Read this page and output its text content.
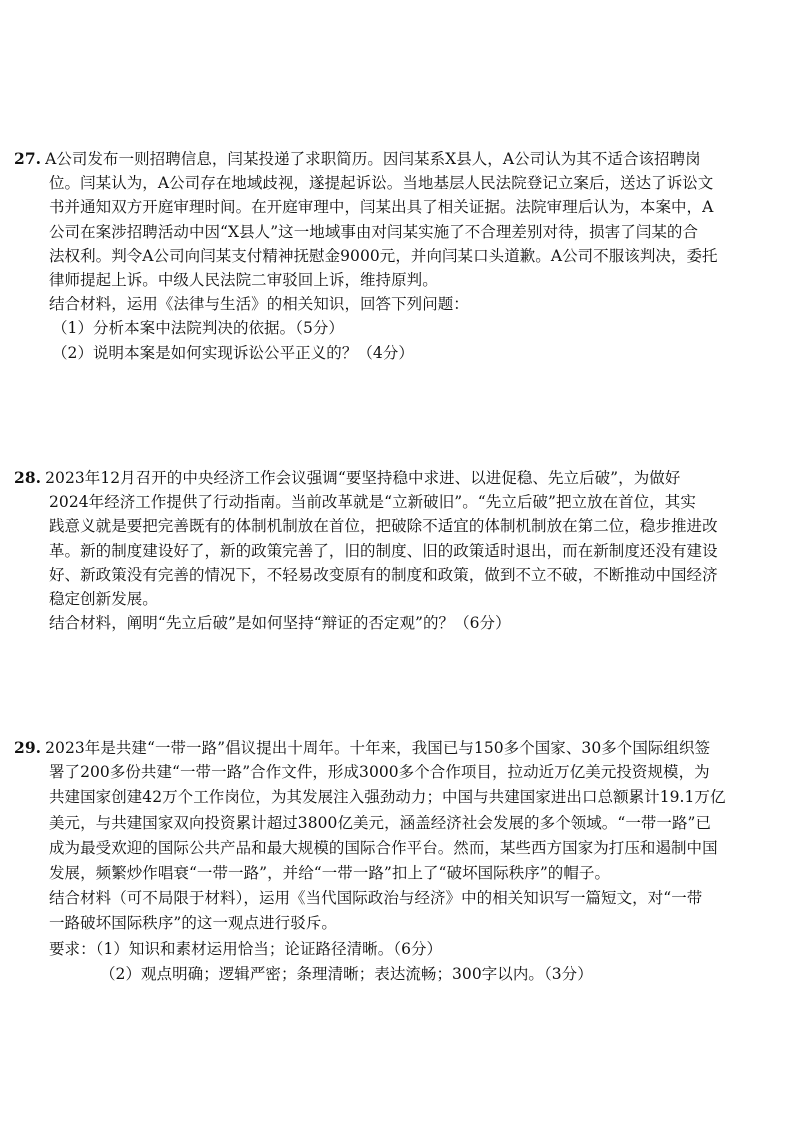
27. A公司发布一则招聘信息，闫某投递了求职简历。因闫某系X县人，A公司认为其不适合该招聘岗
位。闫某认为，A公司存在地域歧视，遂提起诉讼。当地基层人民法院登记立案后，送达了诉讼文
书并通知双方开庭审理时间。在开庭审理中，闫某出具了相关证据。法院审理后认为，本案中，A
公司在案涉招聘活动中因“X县人”这一地域事由对闫某实施了不合理差别对待，损害了闫某的合
法权利。判令A公司向闫某支付精神抚慰金9000元，并向闫某口头道歉。A公司不服该判决，委托
律师提起上诉。中级人民法院二审驳回上诉，维持原判。
结合材料，运用《法律与生活》的相关知识，回答下列问题：
（1）分析本案中法院判决的依据。（5分）
（2）说明本案是如何实现诉讼公平正义的？（4分）
28. 2023年12月召开的中央经济工作会议强调“要坚持稳中求进、以进促稳、先立后破”，为做好
2024年经济工作提供了行动指南。当前改革就是“立新破旧”。“先立后破”把立放在首位，其实
践意义就是要把完善既有的体制机制放在首位，把破除不适宜的体制机制放在第二位，稳步推进改
革。新的制度建设好了，新的政策完善了，旧的制度、旧的政策适时退出，而在新制度还没有建设
好、新政策没有完善的情况下，不轻易改变原有的制度和政策，做到不立不破，不断推动中国经济
稳定创新发展。
结合材料，阐明“先立后破”是如何坚持“辩证的否定观”的？（6分）
29. 2023年是共建“一带一路”倡议提出十周年。十年来，我国已与150多个国家、30多个国际组织签
署了200多份共建“一带一路”合作文件，形成3000多个合作项目，拉动近万亿美元投资规模，为
共建国家创建42万个工作岗位，为其发展注入强劲动力；中国与共建国家进出口总额累计19.1万亿
美元，与共建国家双向投资累计超过3800亿美元，涵盖经济社会发展的多个领域。“一带一路”已
成为最受欢迎的国际公共产品和最大规模的国际合作平台。然而，某些西方国家为打压和遏制中国
发展，频繁炒作唱衰“一带一路”，并给“一带一路”扣上了“破坏国际秩序”的帽子。
结合材料（可不局限于材料），运用《当代国际政治与经济》中的相关知识写一篇短文，对“一带
一路破坏国际秩序”的这一观点进行驳斥。
要求：（1）知识和素材运用恰当；论证路径清晰。（6分）
（2）观点明确；逻辑严密；条理清晰；表达流畅；300字以内。（3分）
